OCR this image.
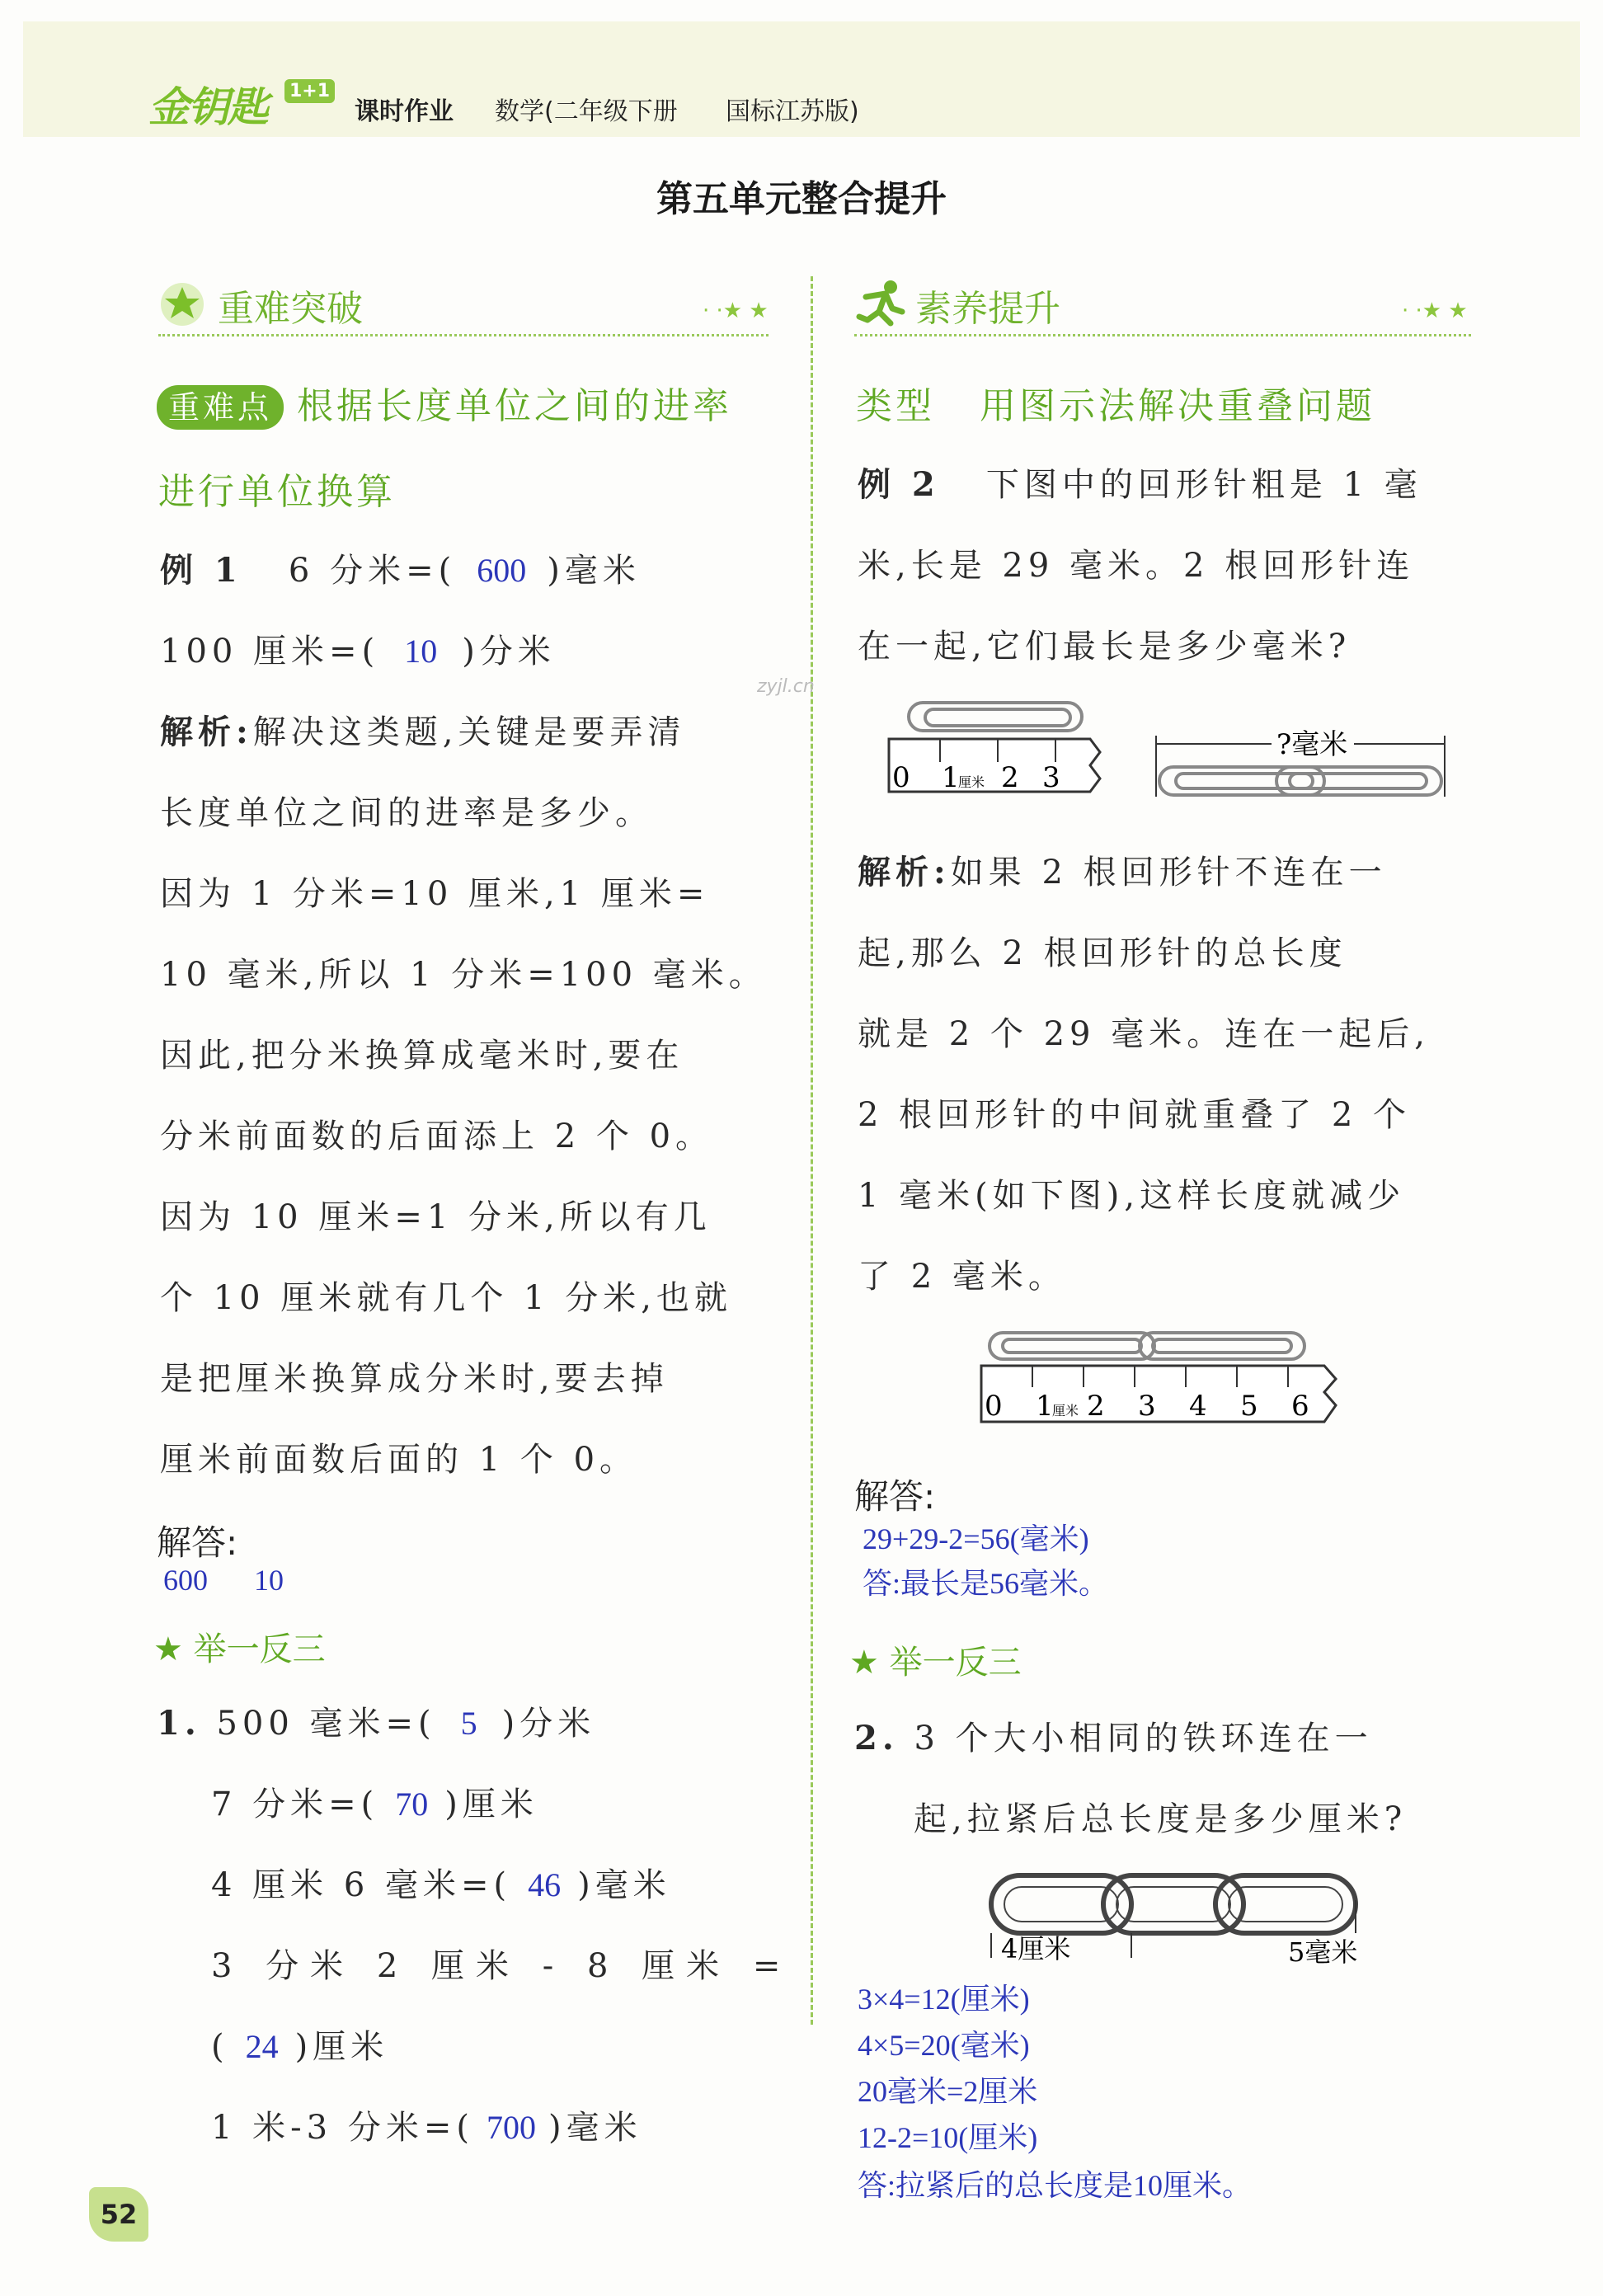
金钥匙 1+1
课时作业 数学(二年级下册 国标江苏版)
第五单元整合提升
重难突破	· ·★ ★
重难点 根据长度单位之间的进率
进行单位换算
例 1 6 分米=( 600 )毫米
100 厘米=( 10 )分米
解析:解决这类题,关键是要弄清
长度单位之间的进率是多少。
因为 1 分米=10 厘米,1 厘米=
10 毫米,所以 1 分米=100 毫米。
因此,把分米换算成毫米时,要在
分米前面数的后面添上 2 个 0。
因为 10 厘米=1 分米,所以有几
个 10 厘米就有几个 1 分米,也就
是把厘米换算成分米时,要去掉
厘米前面数后面的 1 个 0。
解答:
600 10
★ 举一反三
1. 500 毫米=( 5 )分米
7 分米=( 70 )厘米
4 厘米 6 毫米=( 46 )毫米
3 分米 2 厘米 - 8 厘米 =
( 24 )厘米
1 米-3 分米=( 700 )毫米
素养提升	· ·★ ★
类型 用图示法解决重叠问题
例 2 下图中的回形针粗是 1 毫
米,长是 29 毫米。2 根回形针连
在一起,它们最长是多少毫米?
0 1
厘米 2 3
?毫米
解析:如果 2 根回形针不连在一
起,那么 2 根回形针的总长度
就是 2 个 29 毫米。连在一起后,
2 根回形针的中间就重叠了 2 个
1 毫米(如下图),这样长度就减少
了 2 毫米。
0 1
厘米 2 3 4 5 6
解答:
29+29-2=56(毫米)
答:最长是56毫米。
★ 举一反三
2. 3 个大小相同的铁环连在一
起,拉紧后总长度是多少厘米?
4厘米	5毫米
3×4=12(厘米)
4×5=20(毫米)
20毫米=2厘米
12-2=10(厘米)
答:拉紧后的总长度是10厘米。
zyjl.cn
52
